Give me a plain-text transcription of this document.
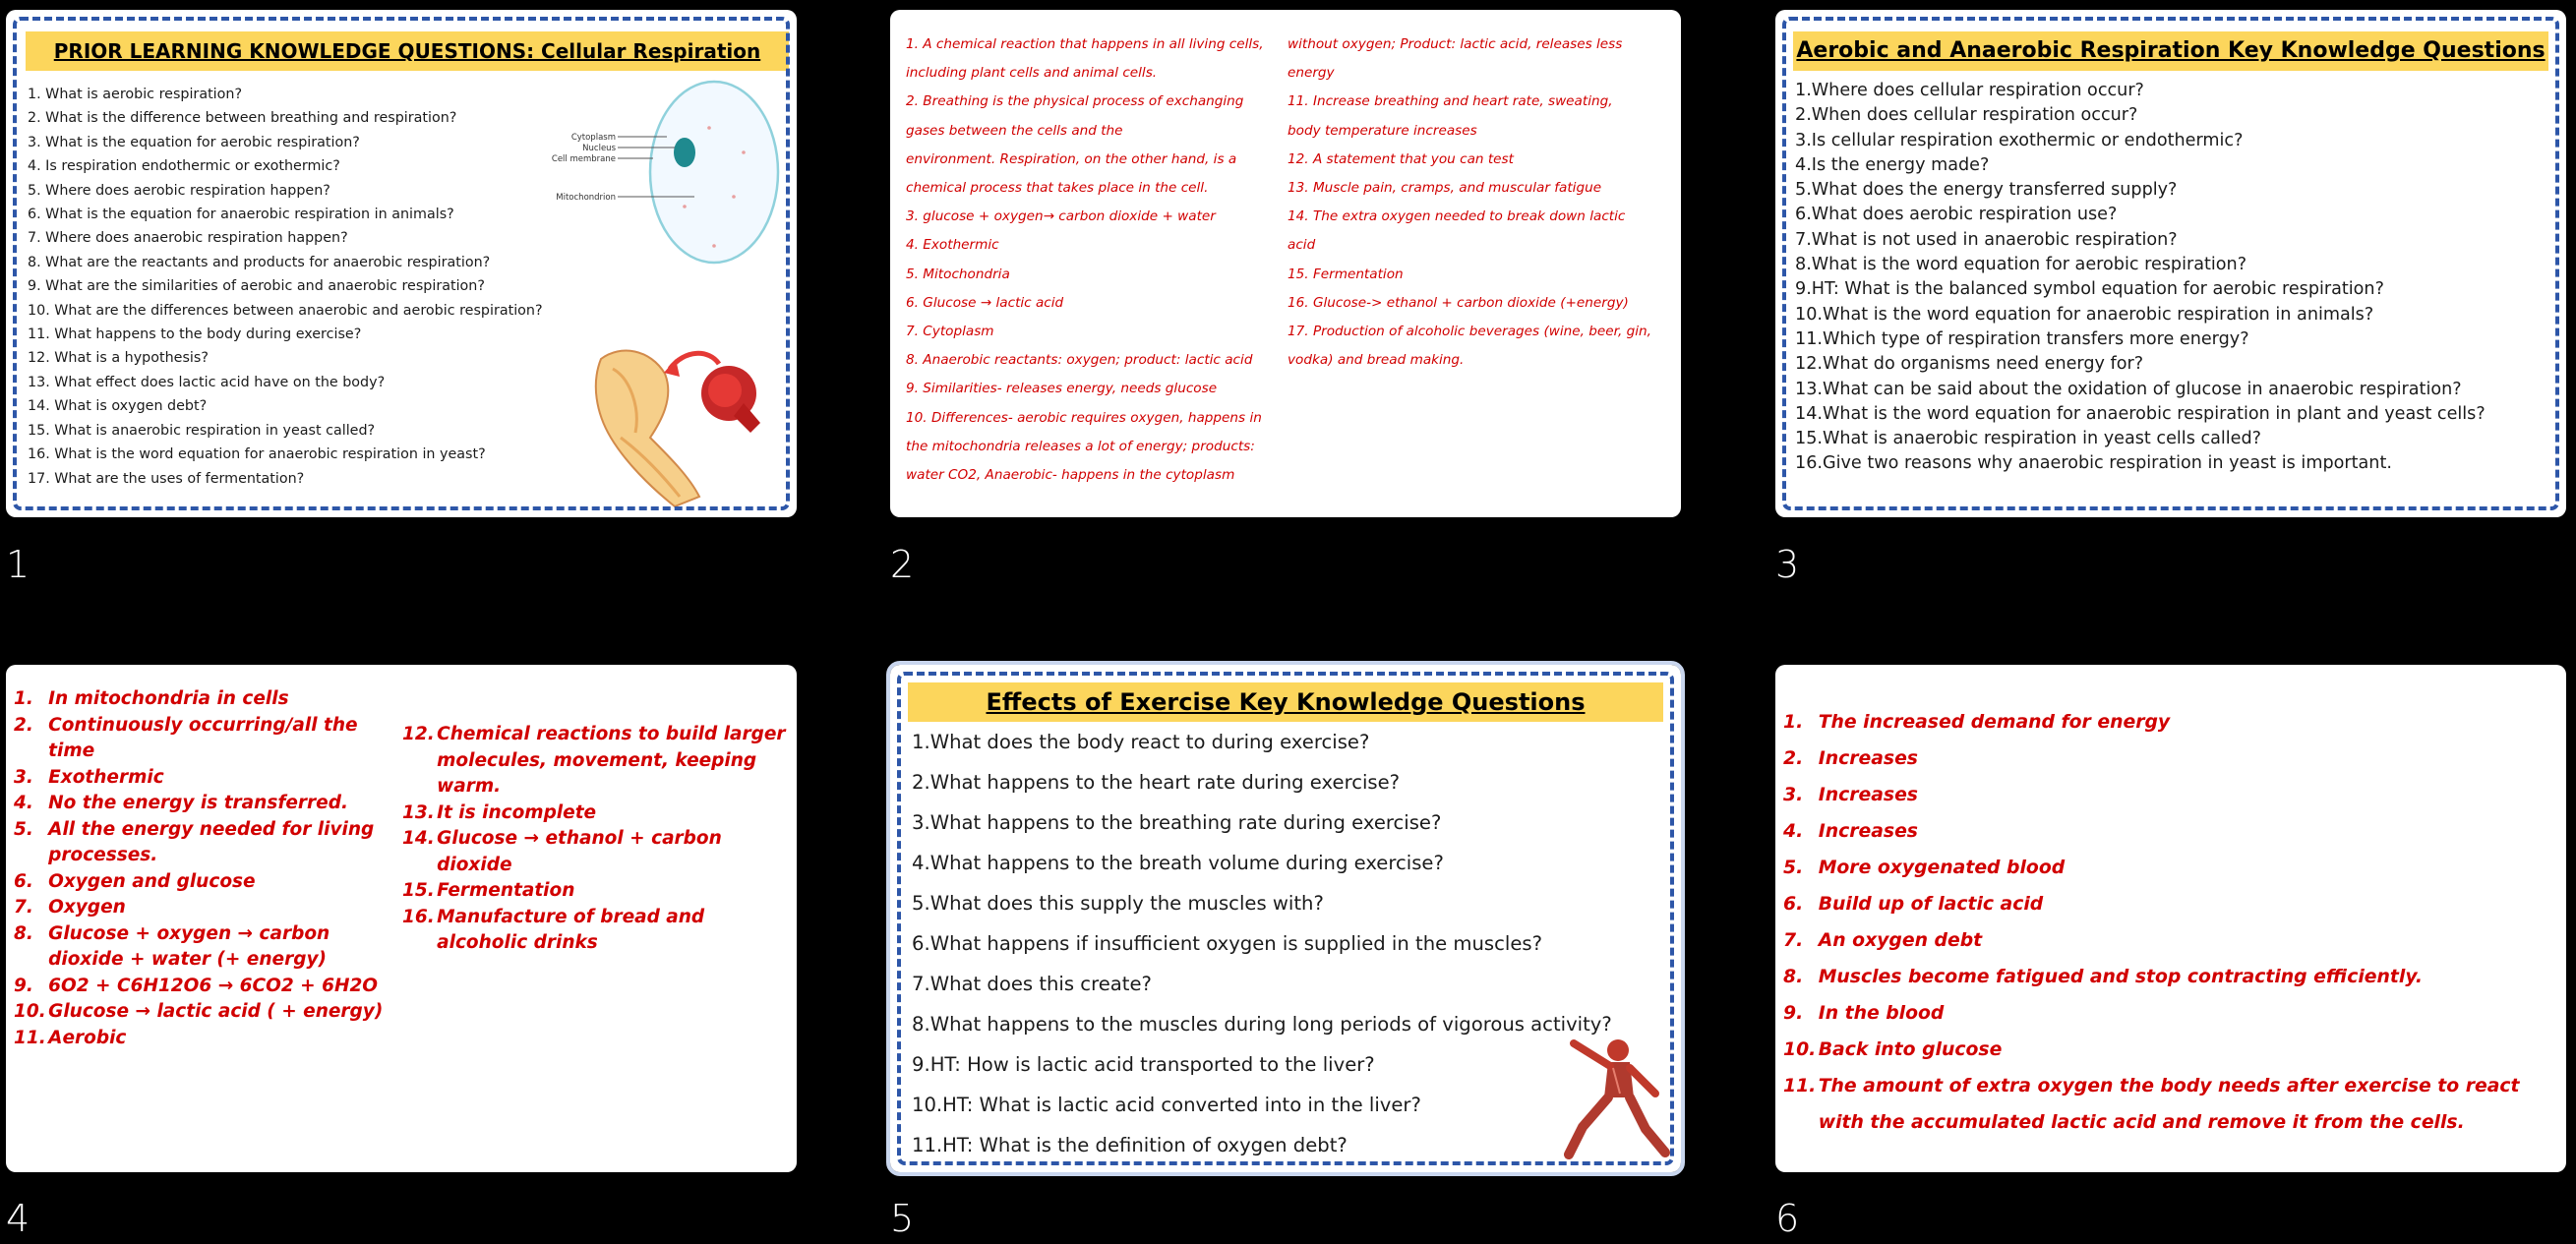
PRIOR LEARNING KNOWLEDGE QUESTIONS: Cellular Respiration
1. What is aerobic respiration?
2. What is the difference between breathing and respiration?
3. What is the equation for aerobic respiration?
4. Is respiration endothermic or exothermic?
5. Where does aerobic respiration happen?
6. What is the equation for anaerobic respiration in animals?
7. Where does anaerobic respiration happen?
8. What are the reactants and products for anaerobic respiration?
9. What are the similarities of aerobic and anaerobic respiration?
10. What are the differences between anaerobic and aerobic respiration?
11. What happens to the body during exercise?
12. What is a hypothesis?
13. What effect does lactic acid have on the body?
14. What is oxygen debt?
15. What is anaerobic respiration in yeast called?
16. What is the word equation for anaerobic respiration in yeast?
17. What are the uses of fermentation?
Cytoplasm
Nucleus
Cell membrane
Mitochondrion
1
1. A chemical reaction that happens in all living cells,
including plant cells and animal cells.
2. Breathing is the physical process of exchanging
gases between the cells and the
environment. Respiration, on the other hand, is a
chemical process that takes place in the cell.
3. glucose + oxygen→ carbon dioxide + water
4. Exothermic
5. Mitochondria
6. Glucose → lactic acid
7. Cytoplasm
8. Anaerobic reactants: oxygen; product: lactic acid
9. Similarities- releases energy, needs glucose
10. Differences- aerobic requires oxygen, happens in
the mitochondria releases a lot of energy; products:
water CO2, Anaerobic- happens in the cytoplasm
without oxygen; Product: lactic acid, releases less
energy
11. Increase breathing and heart rate, sweating,
body temperature increases
12. A statement that you can test
13. Muscle pain, cramps, and muscular fatigue
14. The extra oxygen needed to break down lactic
acid
15. Fermentation
16. Glucose-> ethanol + carbon dioxide (+energy)
17. Production of alcoholic beverages (wine, beer, gin,
vodka) and bread making.
2
Aerobic and Anaerobic Respiration Key Knowledge Questions
1.Where does cellular respiration occur?
2.When does cellular respiration occur?
3.Is cellular respiration exothermic or endothermic?
4.Is the energy made?
5.What does the energy transferred supply?
6.What does aerobic respiration use?
7.What is not used in anaerobic respiration?
8.What is the word equation for aerobic respiration?
9.HT: What is the balanced symbol equation for aerobic respiration?
10.What is the word equation for anaerobic respiration in animals?
11.Which type of respiration transfers more energy?
12.What do organisms need energy for?
13.What can be said about the oxidation of glucose in anaerobic respiration?
14.What is the word equation for anaerobic respiration in plant and yeast cells?
15.What is anaerobic respiration in yeast cells called?
16.Give two reasons why anaerobic respiration in yeast is important.
3
1. In mitochondria in cells
2. Continuously occurring/all the time
3. Exothermic
4. No the energy is transferred.
5. All the energy needed for living processes.
6. Oxygen and glucose
7. Oxygen
8. Glucose + oxygen → carbon dioxide + water (+ energy)
9. 6O2 + C6H12O6 → 6CO2 + 6H2O
10. Glucose → lactic acid ( + energy)
11. Aerobic
12. Chemical reactions to build larger molecules, movement, keeping warm.
13. It is incomplete
14. Glucose → ethanol + carbon dioxide
15. Fermentation
16. Manufacture of bread and alcoholic drinks
4
Effects of Exercise Key Knowledge Questions
1.What does the body react to during exercise?
2.What happens to the heart rate during exercise?
3.What happens to the breathing rate during exercise?
4.What happens to the breath volume during exercise?
5.What does this supply the muscles with?
6.What happens if insufficient oxygen is supplied in the muscles?
7.What does this create?
8.What happens to the muscles during long periods of vigorous activity?
9.HT: How is lactic acid transported to the liver?
10.HT: What is lactic acid converted into in the liver?
11.HT: What is the definition of oxygen debt?
5
1. The increased demand for energy
2. Increases
3. Increases
4. Increases
5. More oxygenated blood
6. Build up of lactic acid
7. An oxygen debt
8. Muscles become fatigued and stop contracting efficiently.
9. In the blood
10. Back into glucose
11. The amount of extra oxygen the body needs after exercise to react with the accumulated lactic acid and remove it from the cells.
6
